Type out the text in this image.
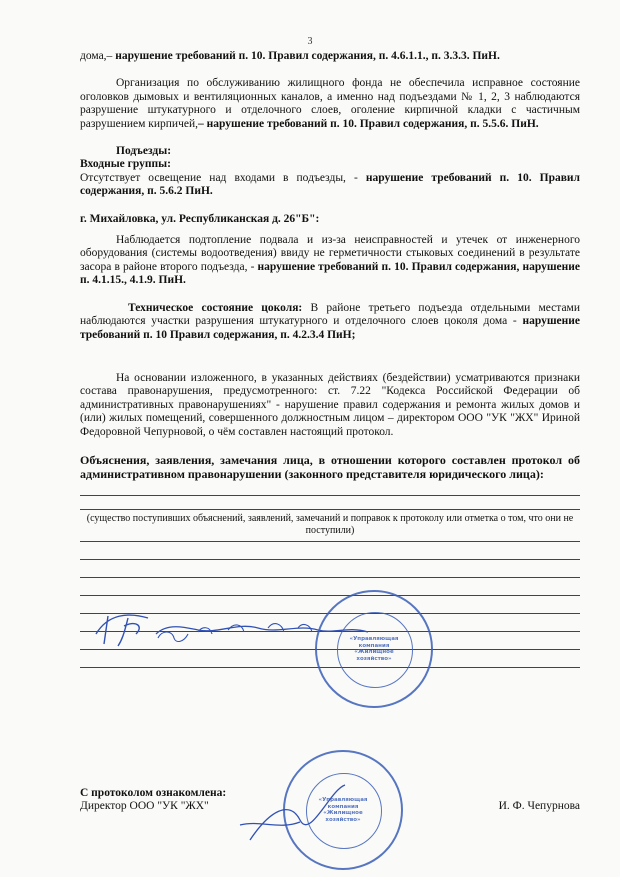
3

дома,– нарушение требований п. 10. Правил содержания, п. 4.6.1.1., п. 3.3.3. ПиН.

Организация по обслуживанию жилищного фонда не обеспечила исправное состояние оголовков дымовых и вентиляционных каналов, а именно над подъездами № 1, 2, 3 наблюдаются разрушение штукатурного и отделочного слоев, оголение кирпичной кладки с частичным разрушением кирпичей,– нарушение требований п. 10. Правил содержания, п. 5.5.6. ПиН.

Подъезды:

Входные группы:

Отсутствует освещение над входами в подъезды, - нарушение требований п. 10. Правил содержания, п. 5.6.2 ПиН.

г. Михайловка, ул. Республиканская д. 26"Б":

Наблюдается подтопление подвала и из-за неисправностей и утечек от инженерного оборудования (системы водоотведения) ввиду не герметичности стыковых соединений в результате засора в районе второго подъезда, - нарушение требований п. 10. Правил содержания, нарушение п. 4.1.15., 4.1.9. ПиН.

Техническое состояние цоколя: В районе третьего подъезда отдельными местами наблюдаются участки разрушения штукатурного и отделочного слоев цоколя дома - нарушение требований п. 10 Правил содержания, п. 4.2.3.4 ПиН;

На основании изложенного, в указанных действиях (бездействии) усматриваются признаки состава правонарушения, предусмотренного: ст. 7.22 "Кодекса Российской Федерации об административных правонарушениях" - нарушение правил содержания и ремонта жилых домов и (или) жилых помещений, совершенного должностным лицом – директором ООО "УК "ЖХ" Ириной Федоровной Чепурновой, о чём составлен настоящий протокол.

Объяснения, заявления, замечания лица, в отношении которого составлен протокол об административном правонарушении (законного представителя юридического лица):

(существо поступивших объяснений, заявлений, замечаний и поправок к протоколу или отметка о том, что они не поступили)
При рассмотрении
«Управляющая компания «Жилищное хозяйство»
«Управляющая компания «Жилищное хозяйство»
С протоколом ознакомлена:
Директор ООО "УК "ЖХ"	И. Ф. Чепурнова
